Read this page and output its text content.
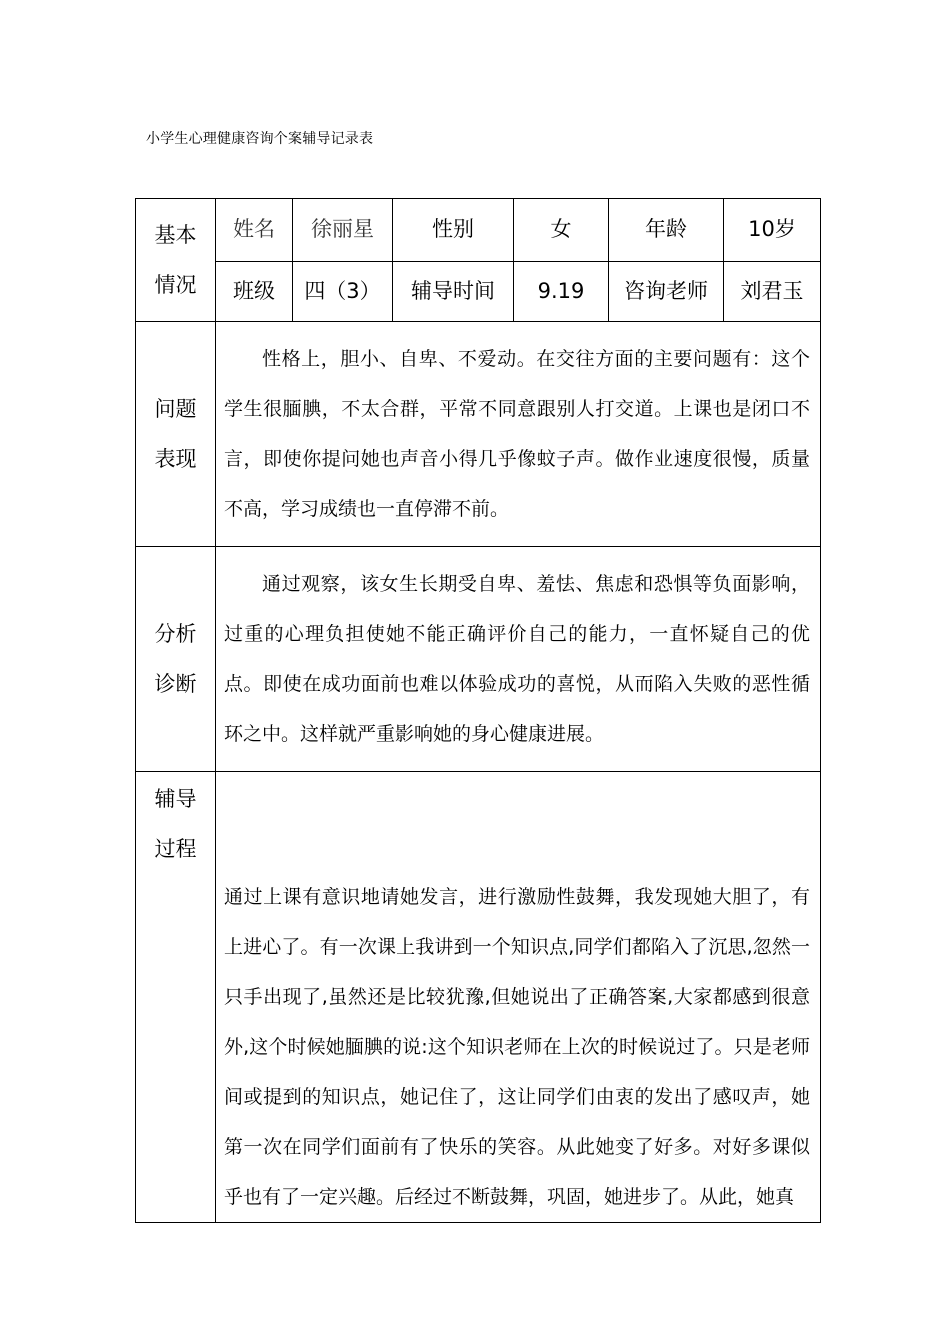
小学生心理健康咨询个案辅导记录表
基本
情况	姓名	徐丽星	性别	女	年龄	10岁
	班级	四（3）	辅导时间	9.19	咨询老师	刘君玉

问题
表现	性格上，胆小、自卑、不爱动。在交往方面的主要问题有：这个学生很腼腆，不太合群，平常不同意跟别人打交道。上课也是闭口不言，即使你提问她也声音小得几乎像蚊子声。做作业速度很慢，质量不高，学习成绩也一直停滞不前。					

分析
诊断	通过观察，该女生长期受自卑、羞怯、焦虑和恐惧等负面影响，过重的心理负担使她不能正确评价自己的能力，一直怀疑自己的优点。即使在成功面前也难以体验成功的喜悦，从而陷入失败的恶性循环之中。这样就严重影响她的身心健康进展。					

辅导
过程	通过上课有意识地请她发言，进行激励性鼓舞，我发现她大胆了，有上进心了。有一次课上我讲到一个知识点,同学们都陷入了沉思,忽然一只手出现了,虽然还是比较犹豫,但她说出了正确答案,大家都感到很意外,这个时候她腼腆的说:这个知识老师在上次的时候说过了。只是老师间或提到的知识点，她记住了，这让同学们由衷的发出了感叹声，她第一次在同学们面前有了快乐的笑容。从此她变了好多。对好多课似乎也有了一定兴趣。后经过不断鼓舞，巩固，她进步了。从此，她真					
